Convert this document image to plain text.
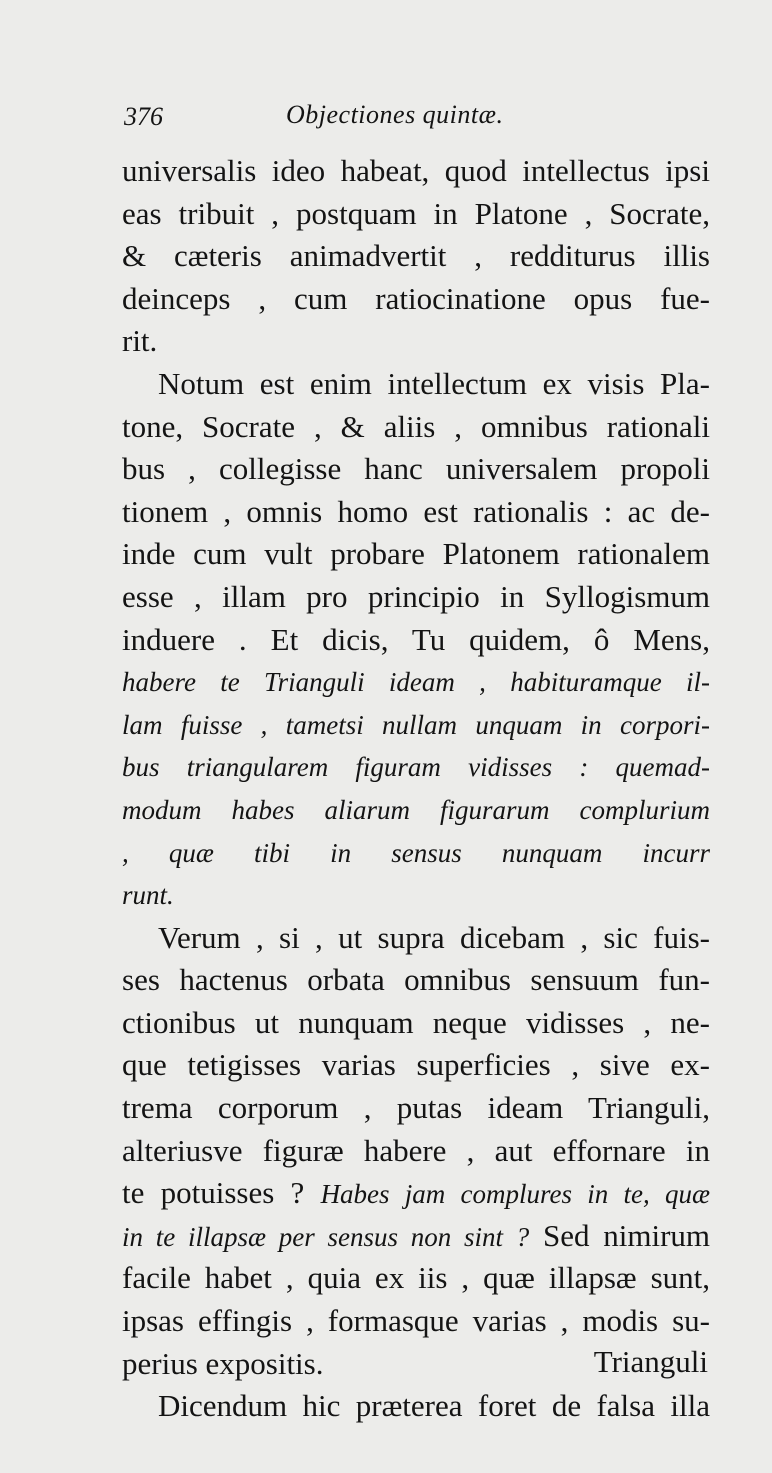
376	Objectiones quintæ.
universalis ideo habeat, quod intellectus ipsi
eas tribuit , postquam in Platone , Socrate,
& cæteris animadvertit , redditurus illis
deinceps , cum ratiocinatione opus fue-
rit.
Notum est enim intellectum ex visis Pla-
tone, Socrate , & aliis , omnibus rationali
bus , collegisse hanc universalem propoli
tionem , omnis homo est rationalis : ac de-
inde cum vult probare Platonem rationalem
esse , illam pro principio in Syllogismum
induere . Et dicis, Tu quidem, ô Mens,
habere te Trianguli ideam , habituramque il-
lam fuisse , tametsi nullam unquam in corpori-
bus triangularem figuram vidisses : quemad-
modum habes aliarum figurarum complurium
, quæ tibi in sensus nunquam incurr
runt.
Verum , si , ut supra dicebam , sic fuis-
ses hactenus orbata omnibus sensuum fun-
ctionibus ut nunquam neque vidisses , ne-
que tetigisses varias superficies , sive ex-
trema corporum , putas ideam Trianguli,
alteriusve figuræ habere , aut effornare in
te potuisses ? Habes jam complures in te, quæ
in te illapsæ per sensus non sint ? Sed nimirum
facile habet , quia ex iis , quæ illapsæ sunt,
ipsas effingis , formasque varias , modis su-
perius expositis.
Dicendum hic præterea foret de falsa illa
Trianguli
